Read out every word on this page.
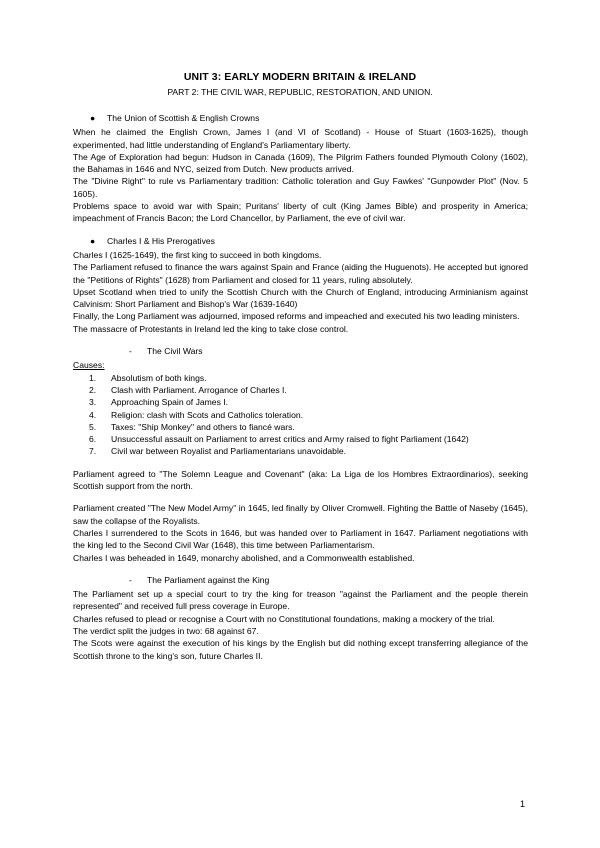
UNIT 3: EARLY MODERN BRITAIN & IRELAND
PART 2: THE CIVIL WAR, REPUBLIC, RESTORATION, AND UNION.
●	The Union of Scottish & English Crowns

When he claimed the English Crown, James I (and VI of Scotland) - House of Stuart (1603-1625), though experimented, had little understanding of England's Parliamentary liberty.

The Age of Exploration had begun: Hudson in Canada (1609), The Pilgrim Fathers founded Plymouth Colony (1602), the Bahamas in 1646 and NYC, seized from Dutch. New products arrived.

The "Divine Right" to rule vs Parliamentary tradition: Catholic toleration and Guy Fawkes' "Gunpowder Plot" (Nov. 5 1605).

Problems space to avoid war with Spain; Puritans' liberty of cult (King James Bible) and prosperity in America; impeachment of Francis Bacon; the Lord Chancellor, by Parliament, the eve of civil war.

●	Charles I & His Prerogatives

Charles I (1625-1649), the first king to succeed in both kingdoms.

The Parliament refused to finance the wars against Spain and France (aiding the Huguenots). He accepted but ignored the "Petitions of Rights" (1628) from Parliament and closed for 11 years, ruling absolutely.

Upset Scotland when tried to unify the Scottish Church with the Church of England, introducing Arminianism against Calvinism: Short Parliament and Bishop's War (1639-1640)

Finally, the Long Parliament was adjourned, imposed reforms and impeached and executed his two leading ministers.

The massacre of Protestants in Ireland led the king to take close control.

- The Civil Wars

Causes:

1. Absolutism of both kings.
2. Clash with Parliament. Arrogance of Charles I.
3. Approaching Spain of James I.
4. Religion: clash with Scots and Catholics toleration.
5. Taxes: "Ship Monkey" and others to fiancé wars.
6. Unsuccessful assault on Parliament to arrest critics and Army raised to fight Parliament (1642)
7. Civil war between Royalist and Parliamentarians unavoidable.

Parliament agreed to "The Solemn League and Covenant" (aka: La Liga de los Hombres Extraordinarios), seeking Scottish support from the north.

Parliament created "The New Model Army" in 1645, led finally by Oliver Cromwell. Fighting the Battle of Naseby (1645), saw the collapse of the Royalists.

Charles I surrendered to the Scots in 1646, but was handed over to Parliament in 1647. Parliament negotiations with the king led to the Second Civil War (1648), this time between Parliamentarism.

Charles I was beheaded in 1649, monarchy abolished, and a Commonwealth established.

- The Parliament against the King

The Parliament set up a special court to try the king for treason "against the Parliament and the people therein represented" and received full press coverage in Europe.

Charles refused to plead or recognise a Court with no Constitutional foundations, making a mockery of the trial.

The verdict split the judges in two: 68 against 67.

The Scots were against the execution of his kings by the English but did nothing except transferring allegiance of the Scottish throne to the king's son, future Charles II.

1
